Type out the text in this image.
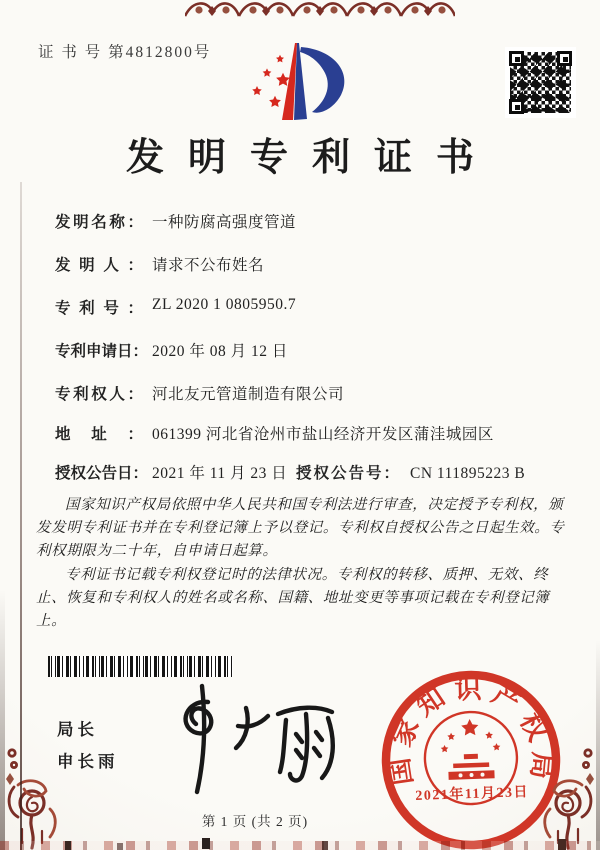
证 书 号 第4812800号
发明专利证书
发明名称： 一种防腐高强度管道
发明人： 请求不公布姓名
专利号： ZL 2020 1 0805950.7
专利申请日： 2020 年 08 月 12 日
专利权人： 河北友元管道制造有限公司
地址： 061399 河北省沧州市盐山经济开发区蒲洼城园区
授权公告日： 2021 年 11 月 23 日 授权公告号： CN 111895223 B

国家知识产权局依照中华人民共和国专利法进行审查，决定授予专利权，颁发发明专利证书并在专利登记簿上予以登记。专利权自授权公告之日起生效。专利权期限为二十年，自申请日起算。

专利证书记载专利权登记时的法律状况。专利权的转移、质押、无效、终止、恢复和专利权人的姓名或名称、国籍、地址变更等事项记载在专利登记簿上。

局长
申长雨	国家知识产权局
2021年11月23日
第 1 页 (共 2 页)
